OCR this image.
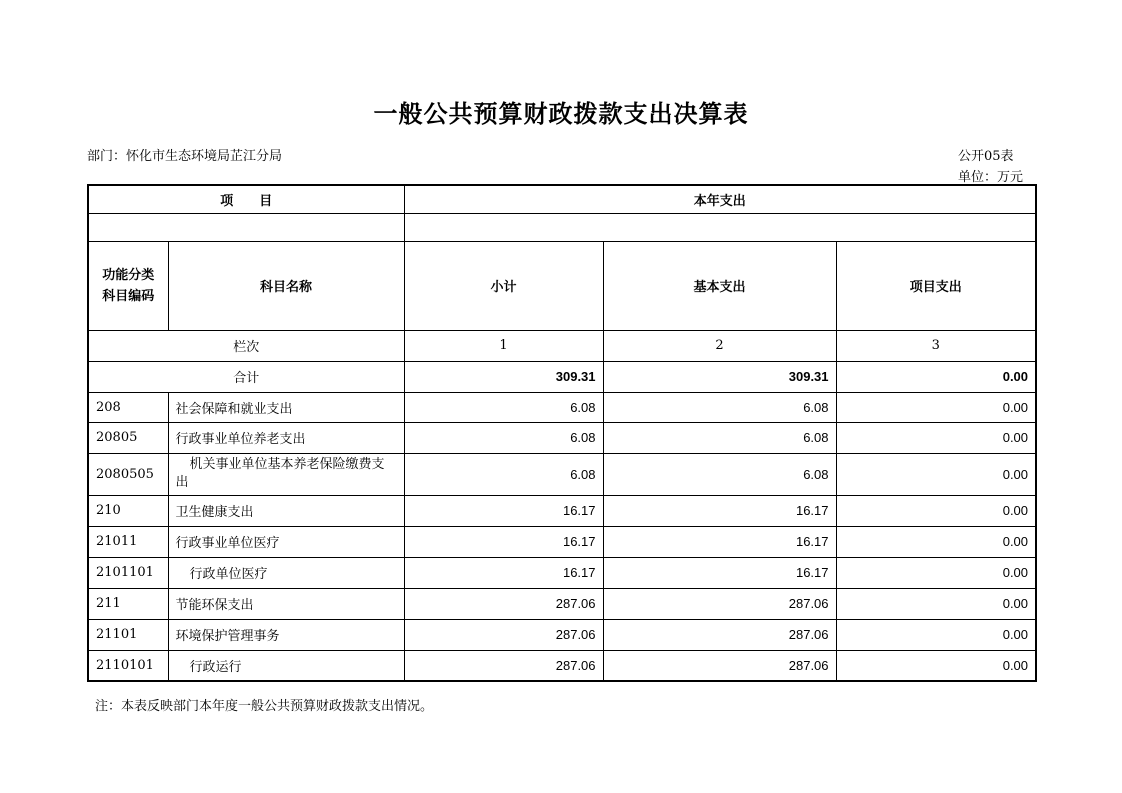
一般公共预算财政拨款支出决算表
部门：怀化市生态环境局芷江分局	公开05表
单位：万元
项　　目		本年支出		

功能分类
科目编码	科目名称	小计	基本支出	项目支出
栏次		1	2	3
合计		309.31	309.31	0.00
208	社会保障和就业支出	6.08	6.08	0.00
20805	行政事业单位养老支出	6.08	6.08	0.00
2080505	机关事业单位基本养老保险缴费支出	6.08	6.08	0.00
210	卫生健康支出	16.17	16.17	0.00
21011	行政事业单位医疗	16.17	16.17	0.00
2101101	行政单位医疗	16.17	16.17	0.00
211	节能环保支出	287.06	287.06	0.00
21101	环境保护管理事务	287.06	287.06	0.00
2110101	行政运行	287.06	287.06	0.00
注：本表反映部门本年度一般公共预算财政拨款支出情况。
